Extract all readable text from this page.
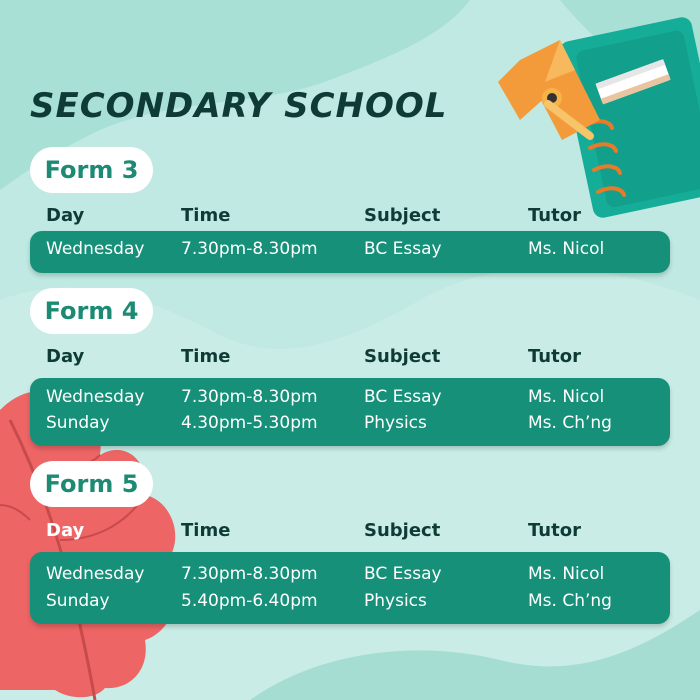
SECONDARY SCHOOL
Form 3
Day	Time	Subject	Tutor
Wednesday 7.30pm-8.30pm	BC Essay	Ms. Nicol
Form 4
Day	Time	Subject	Tutor
Wednesday 7.30pm-8.30pm	BC Essay	Ms. Nicol
Sunday	4.30pm-5.30pm	Physics	Ms. Ch’ng
Form 5
Day	Time	Subject	Tutor
Wednesday 7.30pm-8.30pm	BC Essay	Ms. Nicol
Sunday	5.40pm-6.40pm	Physics	Ms. Ch’ng
